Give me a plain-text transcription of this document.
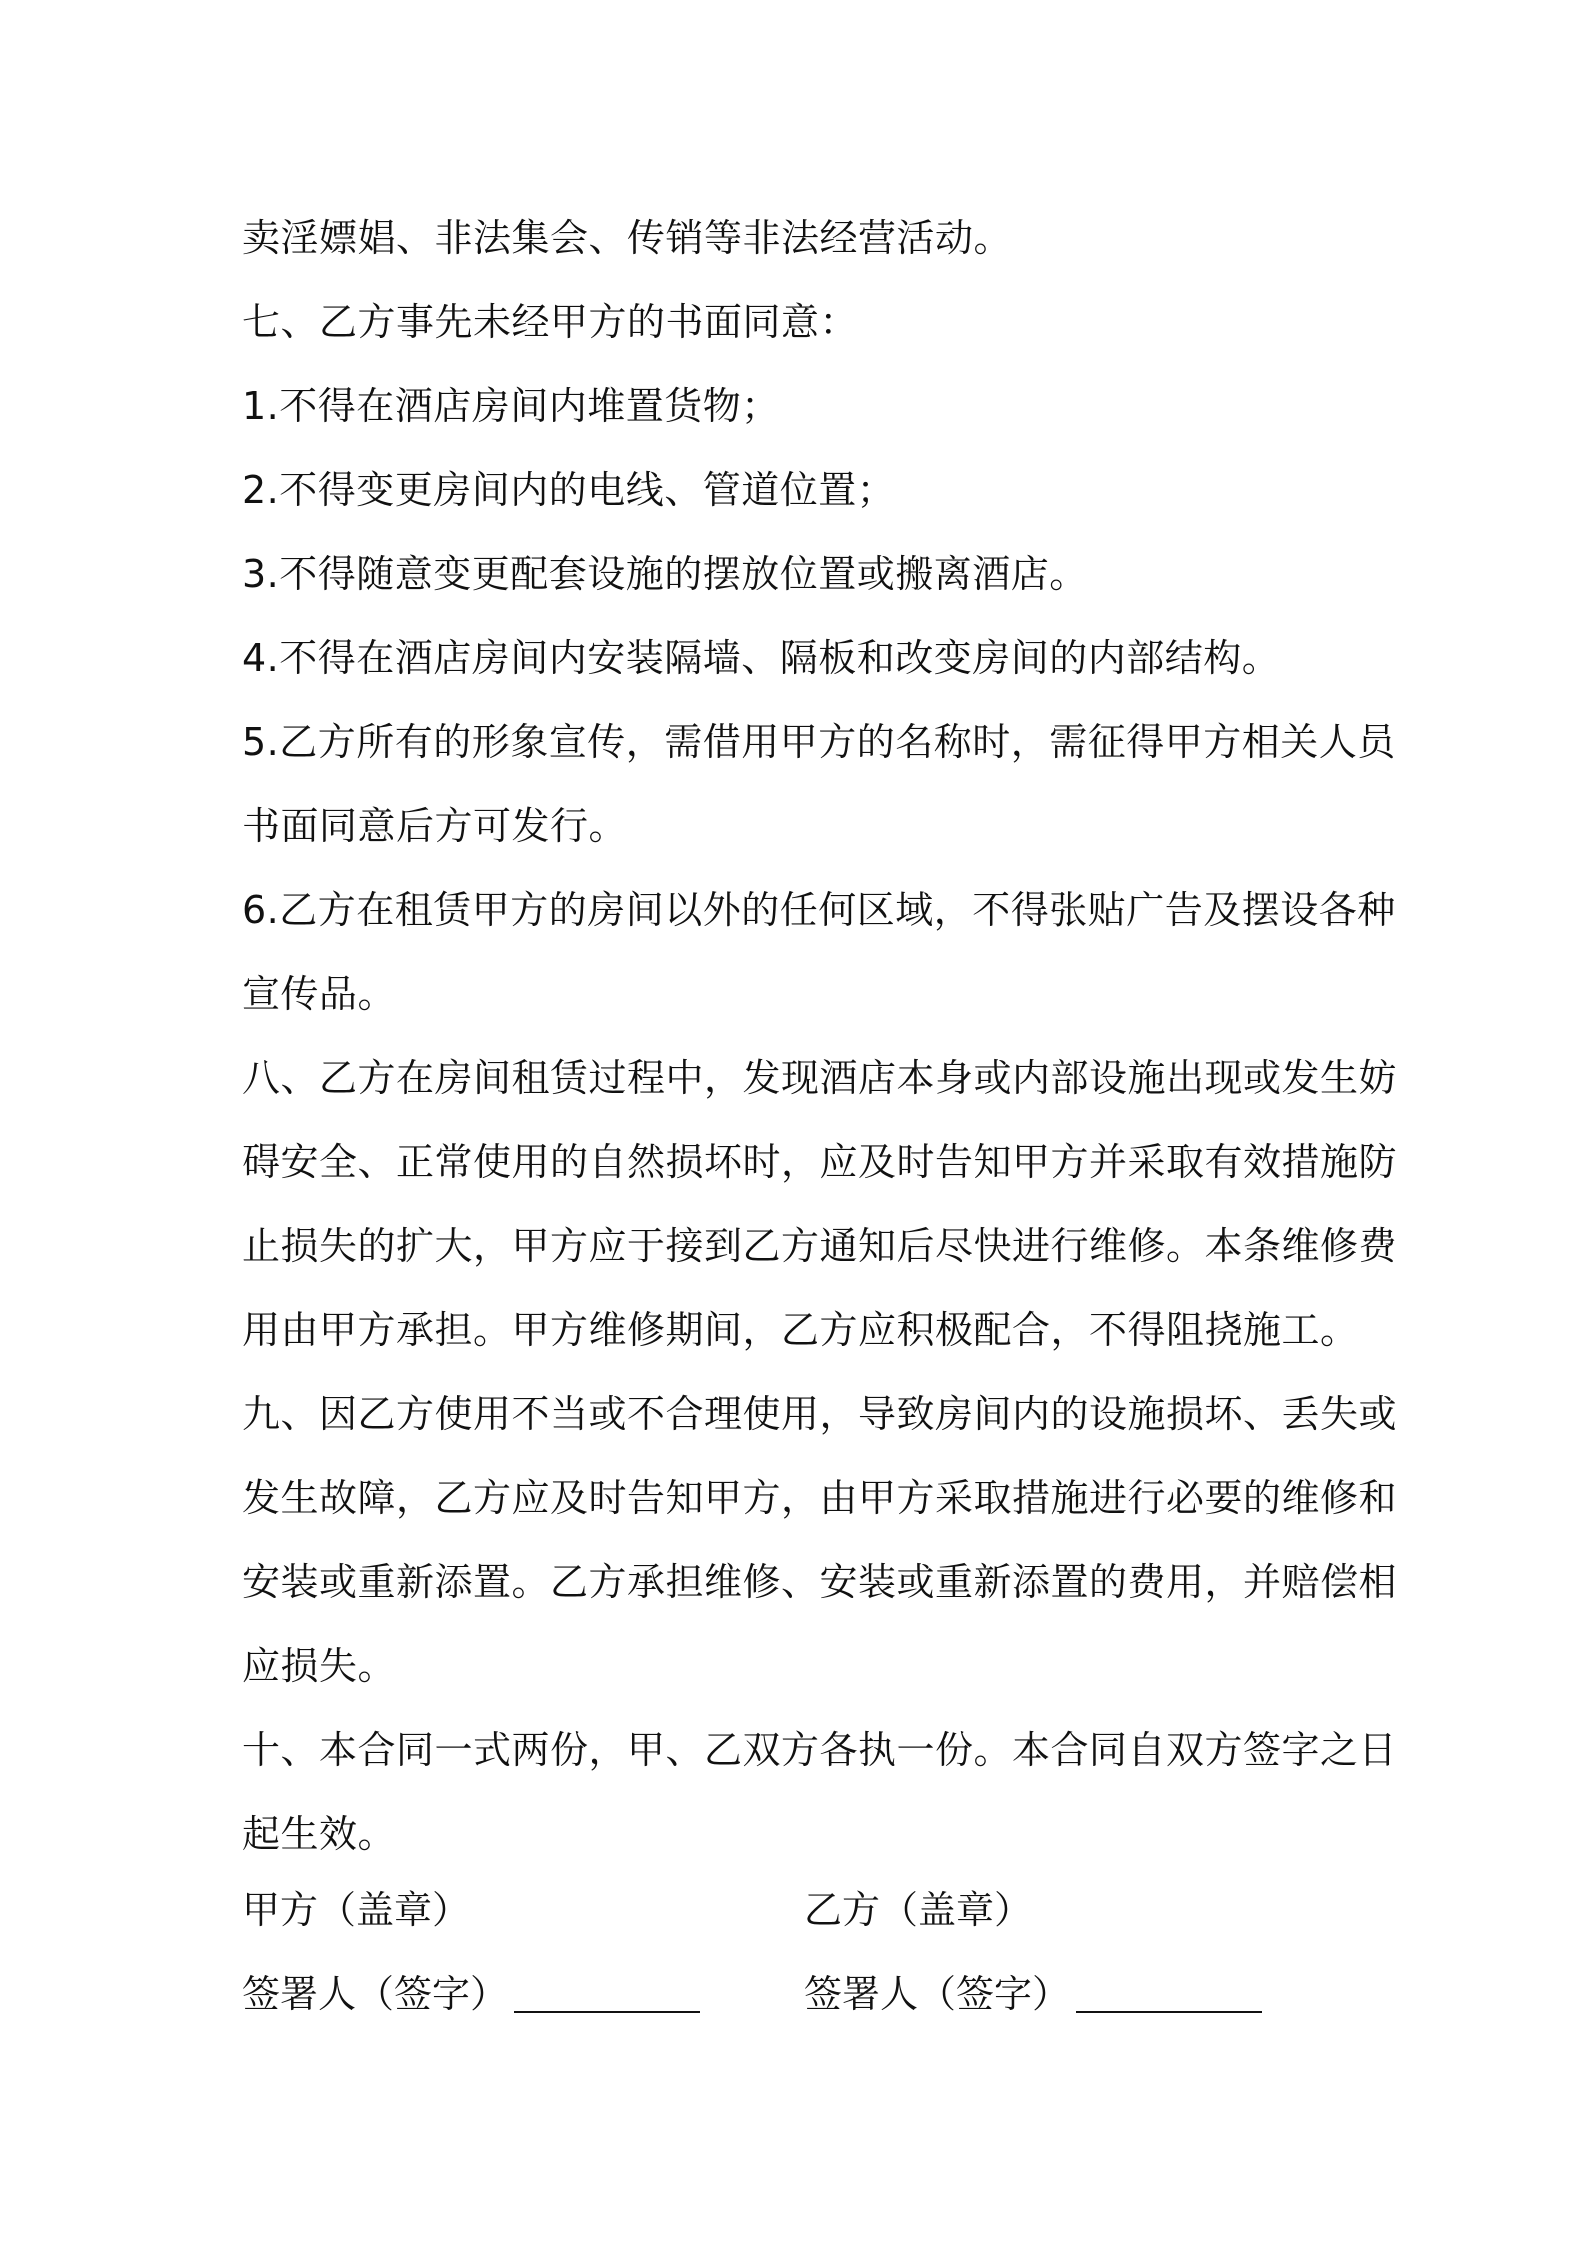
卖淫嫖娼、非法集会、传销等非法经营活动。
七、乙方事先未经甲方的书面同意：
1.不得在酒店房间内堆置货物；
2.不得变更房间内的电线、管道位置；
3.不得随意变更配套设施的摆放位置或搬离酒店。
4.不得在酒店房间内安装隔墙、隔板和改变房间的内部结构。
5.乙方所有的形象宣传，需借用甲方的名称时，需征得甲方相关人员
书面同意后方可发行。
6.乙方在租赁甲方的房间以外的任何区域，不得张贴广告及摆设各种
宣传品。
八、乙方在房间租赁过程中，发现酒店本身或内部设施出现或发生妨
碍安全、正常使用的自然损坏时，应及时告知甲方并采取有效措施防
止损失的扩大，甲方应于接到乙方通知后尽快进行维修。本条维修费
用由甲方承担。甲方维修期间，乙方应积极配合，不得阻挠施工。
九、因乙方使用不当或不合理使用，导致房间内的设施损坏、丢失或
发生故障，乙方应及时告知甲方，由甲方采取措施进行必要的维修和
安装或重新添置。乙方承担维修、安装或重新添置的费用，并赔偿相
应损失。
十、本合同一式两份，甲、乙双方各执一份。本合同自双方签字之日
起生效。
甲方（盖章）	乙方（盖章）
签署人（签字）	签署人（签字）
